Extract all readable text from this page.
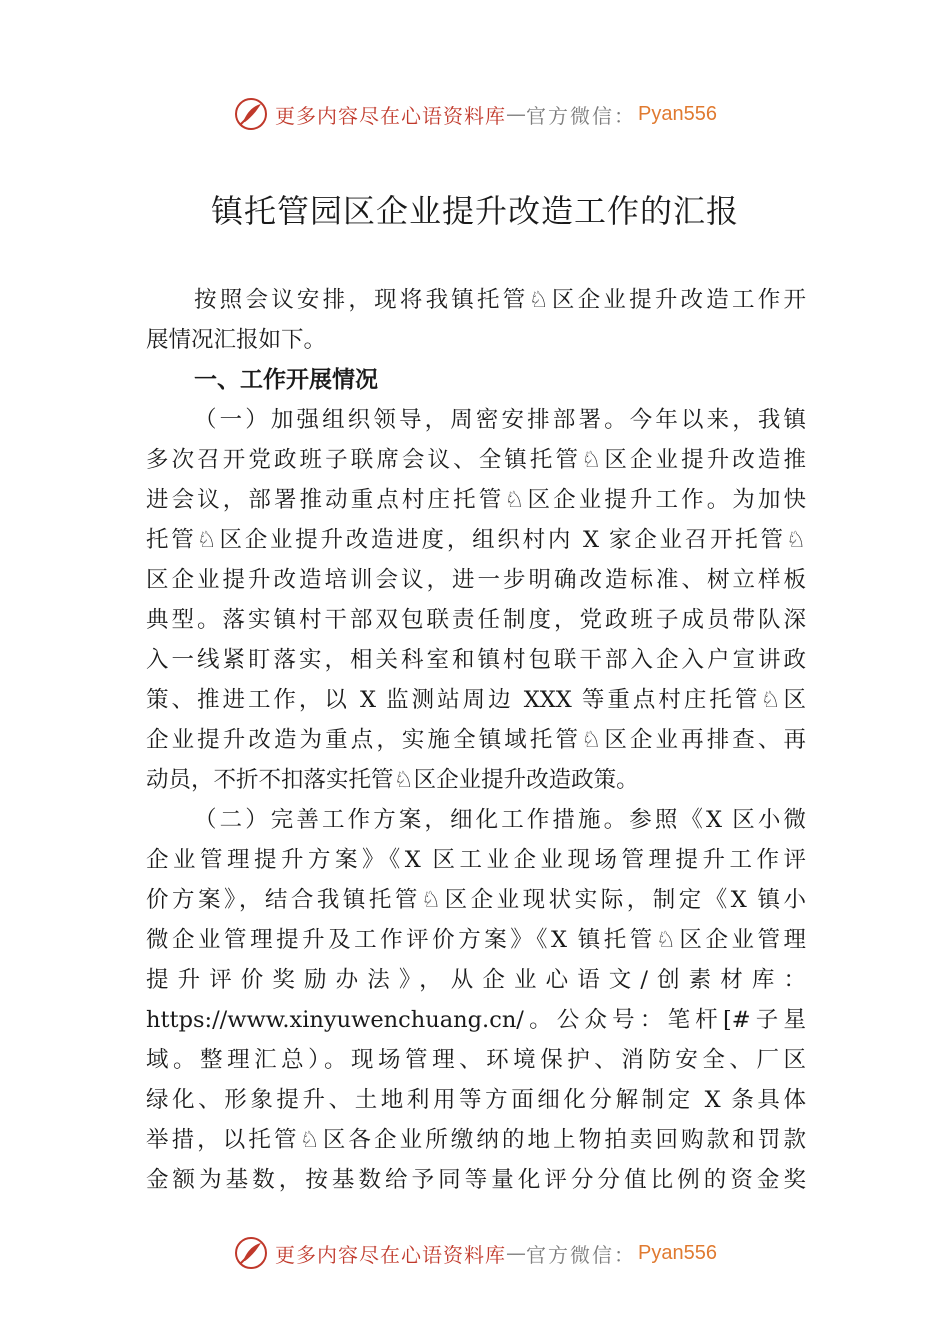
更多内容尽在心语资料库 — 官方微信： Pyan556
镇托管园区企业提升改造工作的汇报
按照会议安排，现将我镇托管♘区企业提升改造工作开
展情况汇报如下。
一、工作开展情况
（一）加强组织领导，周密安排部署。今年以来，我镇
多次召开党政班子联席会议、全镇托管♘区企业提升改造推
进会议，部署推动重点村庄托管♘区企业提升工作。为加快
托管♘区企业提升改造进度，组织村内 X 家企业召开托管♘
区企业提升改造培训会议，进一步明确改造标准、树立样板
典型。落实镇村干部双包联责任制度，党政班子成员带队深
入一线紧盯落实，相关科室和镇村包联干部入企入户宣讲政
策、推进工作，以 X 监测站周边 XXX 等重点村庄托管♘区
企业提升改造为重点，实施全镇域托管♘区企业再排查、再
动员，不折不扣落实托管♘区企业提升改造政策。
（二）完善工作方案，细化工作措施。参照《X 区小微
企业管理提升方案》《X 区工业企业现场管理提升工作评
价方案》，结合我镇托管♘区企业现状实际，制定《X 镇小
微企业管理提升及工作评价方案》《X 镇托管♘区企业管理
提升评价奖励办法》，从企业心语文/创素材库：
https://www.xinyuwenchuang.cn/。公众号：笔杆[#子星
域。整理汇总）。现场管理、环境保护、消防安全、厂区
绿化、形象提升、土地利用等方面细化分解制定 X 条具体
举措，以托管♘区各企业所缴纳的地上物拍卖回购款和罚款
金额为基数，按基数给予同等量化评分分值比例的资金奖
更多内容尽在心语资料库 — 官方微信： Pyan556
